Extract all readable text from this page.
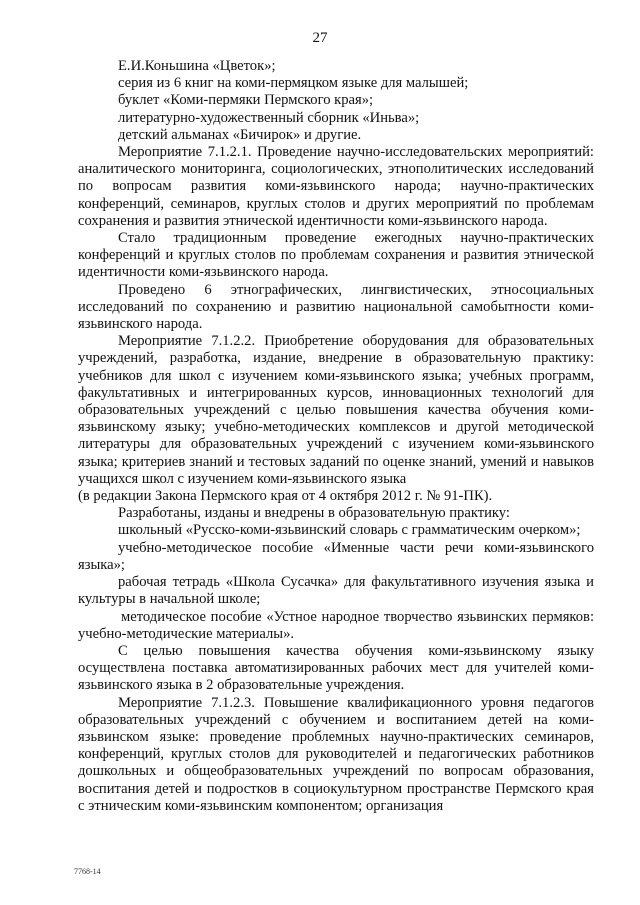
27

Е.И.Коньшина «Цветок»;

серия из 6 книг на коми-пермяцком языке для малышей;

буклет «Коми-пермяки Пермского края»;

литературно-художественный сборник «Иньва»;

детский альманах «Бичирок» и другие.

Мероприятие 7.1.2.1. Проведение научно-исследовательских мероприятий: аналитического мониторинга, социологических, этнополитических исследований по вопросам развития коми-язьвинского народа; научно-практических конференций, семинаров, круглых столов и других мероприятий по проблемам сохранения и развития этнической идентичности коми-язьвинского народа.

Стало традиционным проведение ежегодных научно-практических конференций и круглых столов по проблемам сохранения и развития этнической идентичности коми-язьвинского народа.

Проведено 6 этнографических, лингвистических, этносоциальных исследований по сохранению и развитию национальной самобытности коми-язьвинского народа.

Мероприятие 7.1.2.2. Приобретение оборудования для образовательных учреждений, разработка, издание, внедрение в образовательную практику: учебников для школ с изучением коми-язьвинского языка; учебных программ, факультативных и интегрированных курсов, инновационных технологий для образовательных учреждений с целью повышения качества обучения коми-язьвинскому языку; учебно-методических комплексов и другой методической литературы для образовательных учреждений с изучением коми-язьвинского языка; критериев знаний и тестовых заданий по оценке знаний, умений и навыков учащихся школ с изучением коми-язьвинского языка

(в редакции Закона Пермского края от 4 октября 2012 г. № 91-ПК).

Разработаны, изданы и внедрены в образовательную практику:

школьный «Русско-коми-язьвинский словарь с грамматическим очерком»;

учебно-методическое пособие «Именные части речи коми-язьвинского языка»;

рабочая тетрадь «Школа Сусачка» для факультативного изучения языка и культуры в начальной школе;

методическое пособие «Устное народное творчество язьвинских пермяков: учебно-методические материалы».

С целью повышения качества обучения коми-язьвинскому языку осуществлена поставка автоматизированных рабочих мест для учителей коми-язьвинского языка в 2 образовательные учреждения.

Мероприятие 7.1.2.3. Повышение квалификационного уровня педагогов образовательных учреждений с обучением и воспитанием детей на коми-язьвинском языке: проведение проблемных научно-практических семинаров, конференций, круглых столов для руководителей и педагогических работников дошкольных и общеобразовательных учреждений по вопросам образования, воспитания детей и подростков в социокультурном пространстве Пермского края с этническим коми-язьвинским компонентом; организация

7768-14
